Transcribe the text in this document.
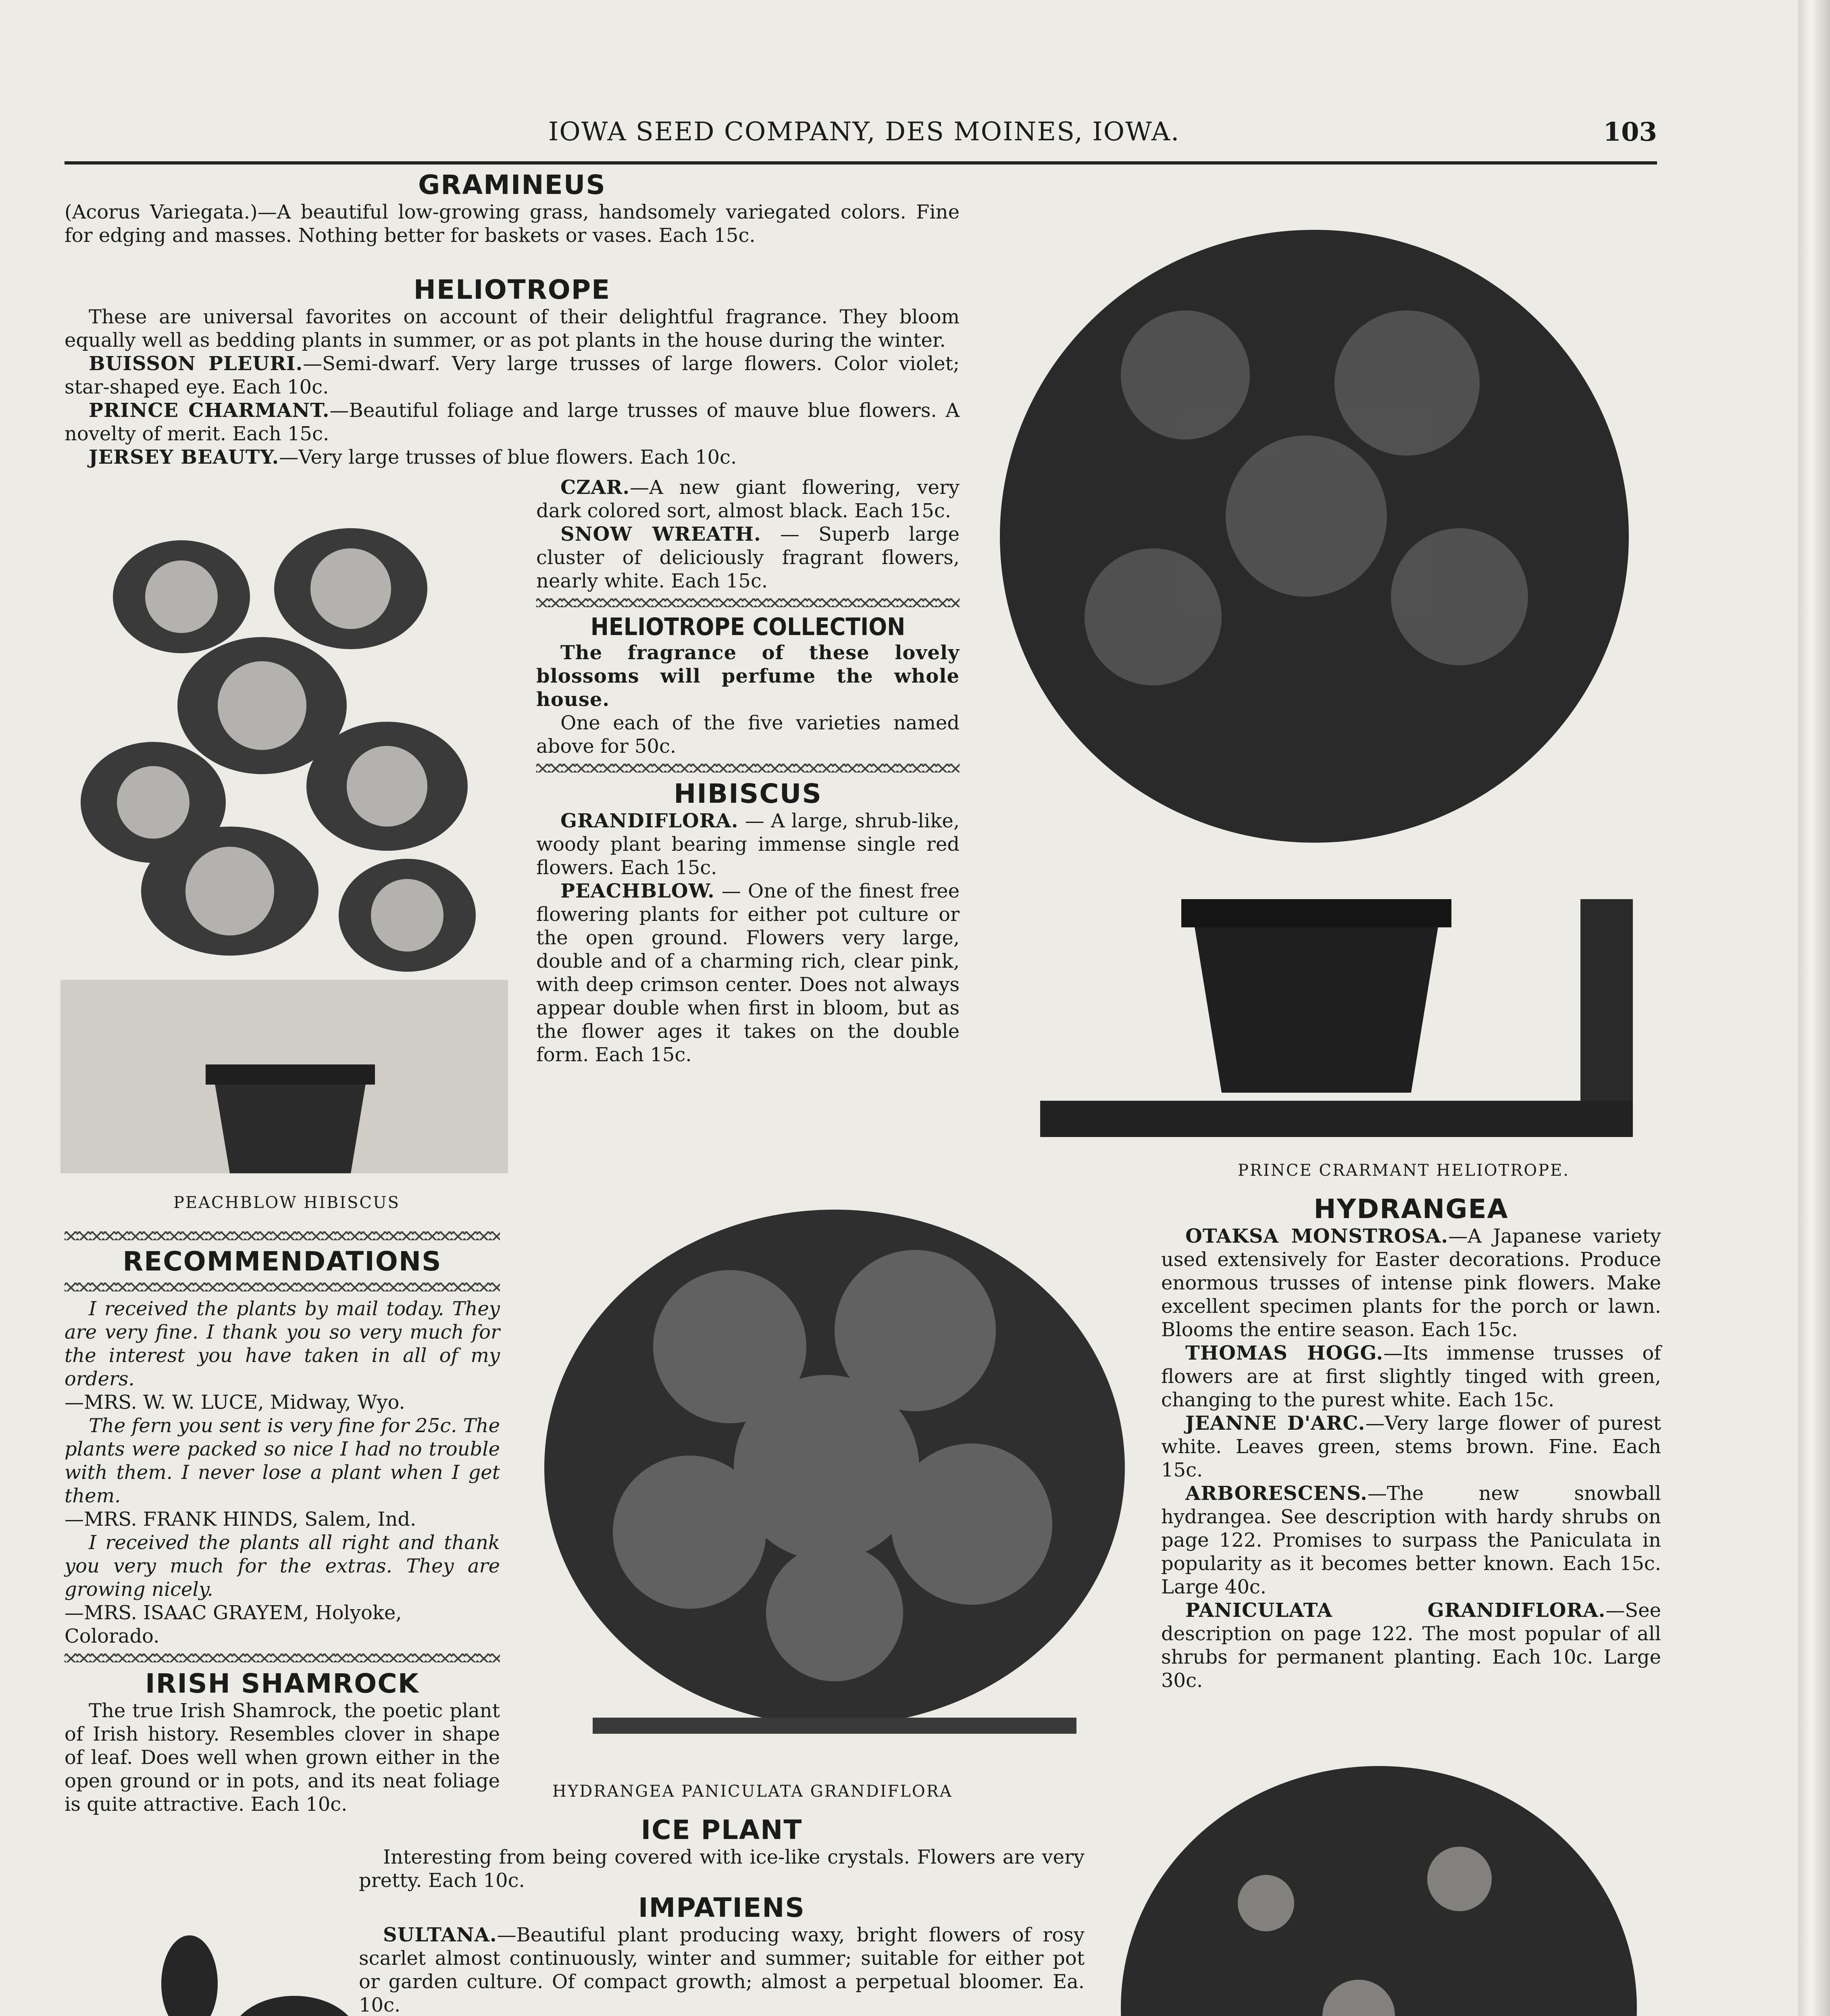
IOWA SEED COMPANY, DES MOINES, IOWA.	103
GRAMINEUS

(Acorus Variegata.)—A beautiful low-growing grass, handsomely variegated colors. Fine for edging and masses. Nothing better for baskets or vases. Each 15c.

HELIOTROPE

These are universal favorites on account of their delightful fragrance. They bloom equally well as bedding plants in summer, or as pot plants in the house during the winter.

BUISSON PLEURI.—Semi-dwarf. Very large trusses of large flowers. Color violet; star-shaped eye. Each 10c.

PRINCE CHARMANT.—Beautiful foliage and large trusses of mauve blue flowers. A novelty of merit. Each 15c.

JERSEY BEAUTY.—Very large trusses of blue flowers. Each 10c.

CZAR.—A new giant flowering, very dark colored sort, almost black. Each 15c.

SNOW WREATH. — Superb large cluster of deliciously fragrant flowers, nearly white. Each 15c.

HELIOTROPE COLLECTION

The fragrance of these lovely blossoms will perfume the whole house.

One each of the five varieties named above for 50c.

HIBISCUS

GRANDIFLORA. — A large, shrub-like, woody plant bearing immense single red flowers. Each 15c.

PEACHBLOW. — One of the finest free flowering plants for either pot culture or the open ground. Flowers very large, double and of a charming rich, clear pink, with deep crimson center. Does not always appear double when first in bloom, but as the flower ages it takes on the double form. Each 15c.

PEACHBLOW HIBISCUS
RECOMMENDATIONS

I received the plants by mail today. They are very fine. I thank you so very much for the interest you have taken in all of my orders.

—MRS. W. W. LUCE, Midway, Wyo.

The fern you sent is very fine for 25c. The plants were packed so nice I had no trouble with them. I never lose a plant when I get them.

—MRS. FRANK HINDS, Salem, Ind.

I received the plants all right and thank you very much for the extras. They are growing nicely.

—MRS. ISAAC GRAYEM, Holyoke, Colorado.

IRISH SHAMROCK

The true Irish Shamrock, the poetic plant of Irish history. Resembles clover in shape of leaf. Does well when grown either in the open ground or in pots, and its neat foliage is quite attractive. Each 10c.

PRINCE CRARMANT HELIOTROPE.
HYDRANGEA

OTAKSA MONSTROSA.—A Japanese variety used extensively for Easter decorations. Produce enormous trusses of intense pink flowers. Make excellent specimen plants for the porch or lawn. Blooms the entire season. Each 15c.

THOMAS HOGG.—Its immense trusses of flowers are at first slightly tinged with green, changing to the purest white. Each 15c.

JEANNE D'ARC.—Very large flower of purest white. Leaves green, stems brown. Fine. Each 15c.

ARBORESCENS.—The new snowball hydrangea. See description with hardy shrubs on page 122. Promises to surpass the Paniculata in popularity as it becomes better known. Each 15c. Large 40c.

PANICULATA GRANDIFLORA.—See description on page 122. The most popular of all shrubs for permanent planting. Each 10c. Large 30c.

HYDRANGEA PANICULATA GRANDIFLORA
ICE PLANT

Interesting from being covered with ice-like crystals. Flowers are very pretty. Each 10c.

IMPATIENS

SULTANA.—Beautiful plant producing waxy, bright flowers of rosy scarlet almost continuously, winter and summer; suitable for either pot or garden culture. Of compact growth; almost a perpetual bloomer. Ea. 10c.
